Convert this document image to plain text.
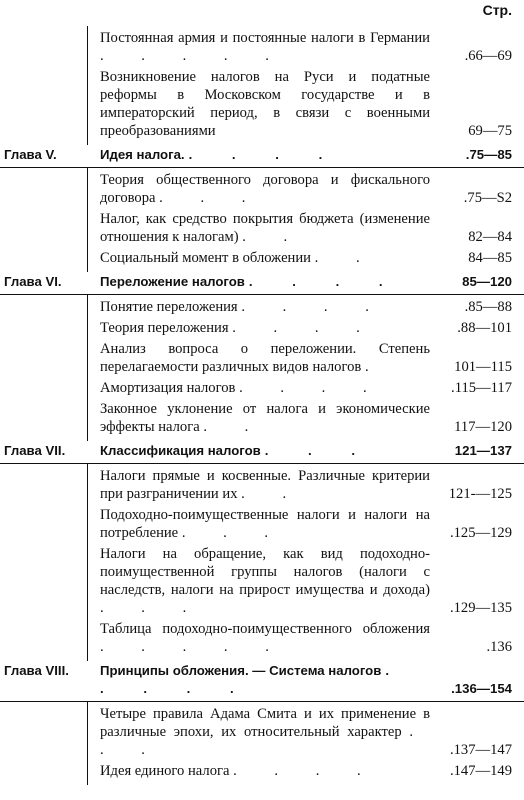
Стр.
Постоянная армия и постоянные налоги в Германии . . . . .	.66—69
Возникновение налогов на Руси и податные реформы в Московском государстве и в императорский период, в связи с военными преобразованиями	69—75
Глава V.	Идея налога. . . . .	.75—85
Теория общественного договора и фискального договора . . .	.75—S2
Налог, как средство покрытия бюджета (изменение отношения к налогам) . .	82—84
Социальный момент в обложении . .	84—85
Глава VI.	Переложение налогов . . . .	85—120
Понятие переложения . . . .	.85—88
Теория переложения . . . .	.88—101
Анализ вопроса о переложении. Степень перелагаемости различных видов налогов .	101—115
Амортизация налогов . . . .	.115—117
Законное уклонение от налога и экономические эффекты налога . .	117—120
Глава VII.	Классификация налогов . . .	121—137
Налоги прямые и косвенные. Различные критерии при разграничении их . .	121-—125
Подоходно-поимущественные налоги и налоги на потребление . . .	.125—129
Налоги на обращение, как вид подоходно-поимущественной группы налогов (налоги с наследств, налоги на прирост имущества и дохода) . . .	.129—135
Таблица подоходно-поимущественного обложения . . . . .	.136
Глава VIII. Принципы обложения. — Система налогов . . . . .	.136—154
Четыре правила Адама Смита и их применение в различные эпохи, их относительный характер . . .	.137—147
Идея единого налога . . . .	.147—149
